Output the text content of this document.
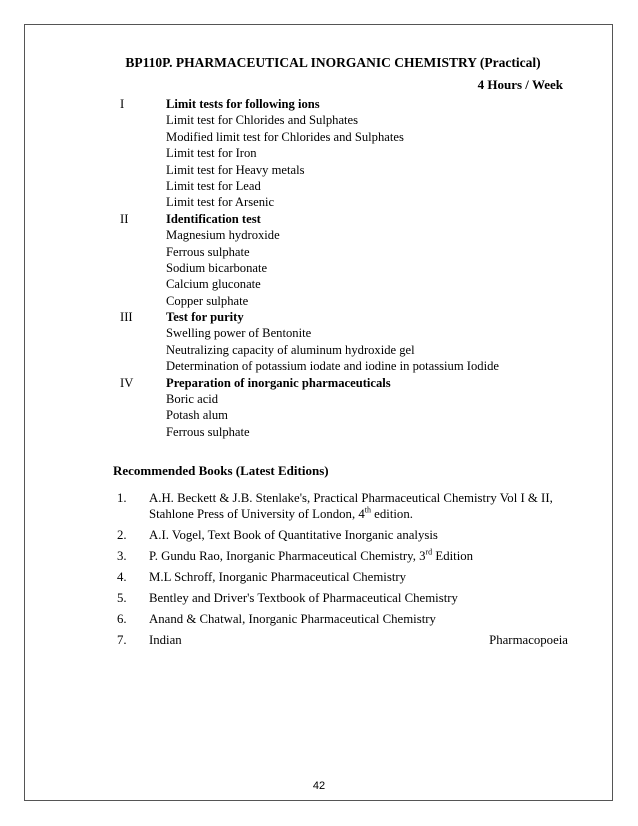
BP110P. PHARMACEUTICAL INORGANIC CHEMISTRY (Practical)
4 Hours / Week
I	Limit tests for following ions
Limit test for Chlorides and Sulphates
Modified limit test for Chlorides and Sulphates
Limit test for Iron
Limit test for Heavy metals
Limit test for Lead
Limit test for Arsenic
II	Identification test
Magnesium hydroxide
Ferrous sulphate
Sodium bicarbonate
Calcium gluconate
Copper sulphate
III	Test for purity
Swelling power of Bentonite
Neutralizing capacity of aluminum hydroxide gel
Determination of potassium iodate and iodine in potassium Iodide
IV	Preparation of inorganic pharmaceuticals
Boric acid
Potash alum
Ferrous sulphate
Recommended Books (Latest Editions)
1. A.H. Beckett & J.B. Stenlake's, Practical Pharmaceutical Chemistry Vol I & II,
Stahlone Press of University of London, 4th edition.
2. A.I. Vogel, Text Book of Quantitative Inorganic analysis
3. P. Gundu Rao, Inorganic Pharmaceutical Chemistry, 3rd Edition
4. M.L Schroff, Inorganic Pharmaceutical Chemistry
5. Bentley and Driver's Textbook of Pharmaceutical Chemistry
6. Anand & Chatwal, Inorganic Pharmaceutical Chemistry
7. Indian	Pharmacopoeia
42
